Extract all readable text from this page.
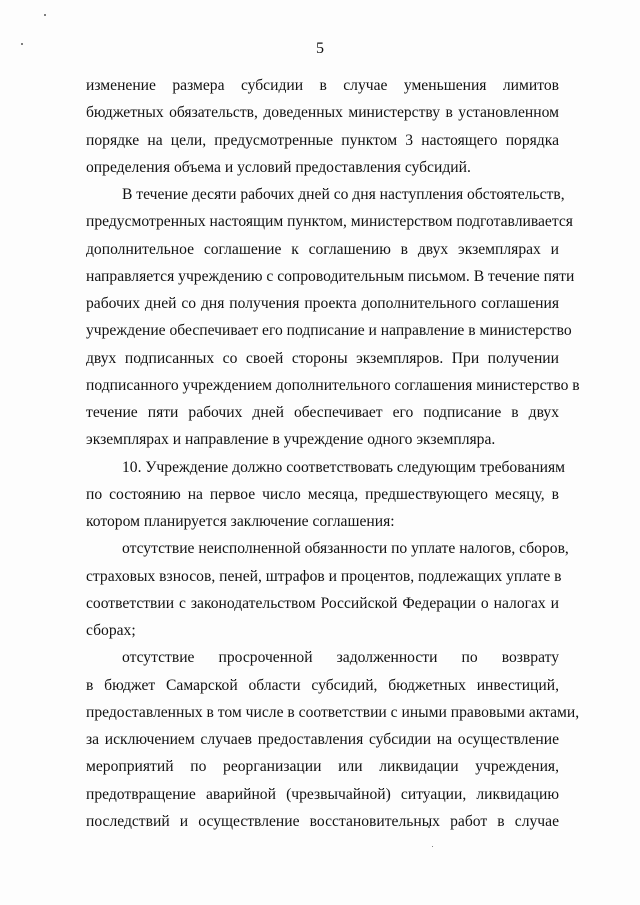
5
изменение размера субсидии в случае уменьшения лимитов
бюджетных обязательств, доведенных министерству в установленном
порядке на цели, предусмотренные пунктом 3 настоящего порядка
определения объема и условий предоставления субсидий.
В течение десяти рабочих дней со дня наступления обстоятельств,
предусмотренных настоящим пунктом, министерством подготавливается
дополнительное соглашение к соглашению в двух экземплярах и
направляется учреждению с сопроводительным письмом. В течение пяти
рабочих дней со дня получения проекта дополнительного соглашения
учреждение обеспечивает его подписание и направление в министерство
двух подписанных со своей стороны экземпляров. При получении
подписанного учреждением дополнительного соглашения министерство в
течение пяти рабочих дней обеспечивает его подписание в двух
экземплярах и направление в учреждение одного экземпляра.
10. Учреждение должно соответствовать следующим требованиям
по состоянию на первое число месяца, предшествующего месяцу, в
котором планируется заключение соглашения:
отсутствие неисполненной обязанности по уплате налогов, сборов,
страховых взносов, пеней, штрафов и процентов, подлежащих уплате в
соответствии с законодательством Российской Федерации о налогах и
сборах;
отсутствие просроченной задолженности по возврату
в бюджет Самарской области субсидий, бюджетных инвестиций,
предоставленных в том числе в соответствии с иными правовыми актами,
за исключением случаев предоставления субсидии на осуществление
мероприятий по реорганизации или ликвидации учреждения,
предотвращение аварийной (чрезвычайной) ситуации, ликвидацию
последствий и осуществление восстановительных работ в случае
